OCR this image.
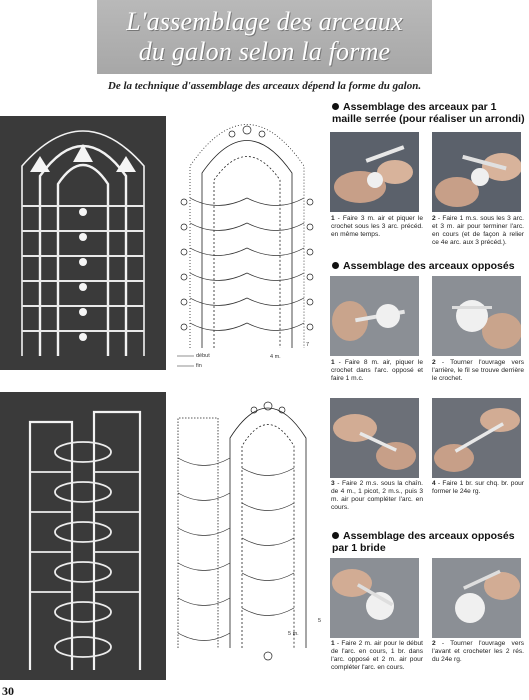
L'assemblage des arceaux
du galon selon la forme
De la technique d'assemblage des arceaux dépend la forme du galon.
7
début
fin
4 m.
5
5 m.
Assemblage des arceaux par 1 maille serrée (pour réaliser un arrondi)
1 - Faire 3 m. air et piquer le crochet sous les 3 arc. précéd. en même temps.
2 - Faire 1 m.s. sous les 3 arc. et 3 m. air pour terminer l'arc. en cours (et de façon à relier ce 4e arc. aux 3 précéd.).
Assemblage des arceaux opposés
1 - Faire 8 m. air, piquer le crochet dans l'arc. opposé et faire 1 m.c.
2 - Tourner l'ouvrage vers l'arrière, le fil se trouve derrière le crochet.
3 - Faire 2 m.s. sous la chaîn. de 4 m., 1 picot, 2 m.s., puis 3 m. air pour compléter l'arc. en cours.
4 - Faire 1 br. sur chq. br. pour former le 24e rg.
Assemblage des arceaux opposés par 1 bride
1 - Faire 2 m. air pour le début de l'arc. en cours, 1 br. dans l'arc. opposé et 2 m. air pour compléter l'arc. en cours.
2 - Tourner l'ouvrage vers l'avant et crocheter les 2 rés. du 24e rg.
30
